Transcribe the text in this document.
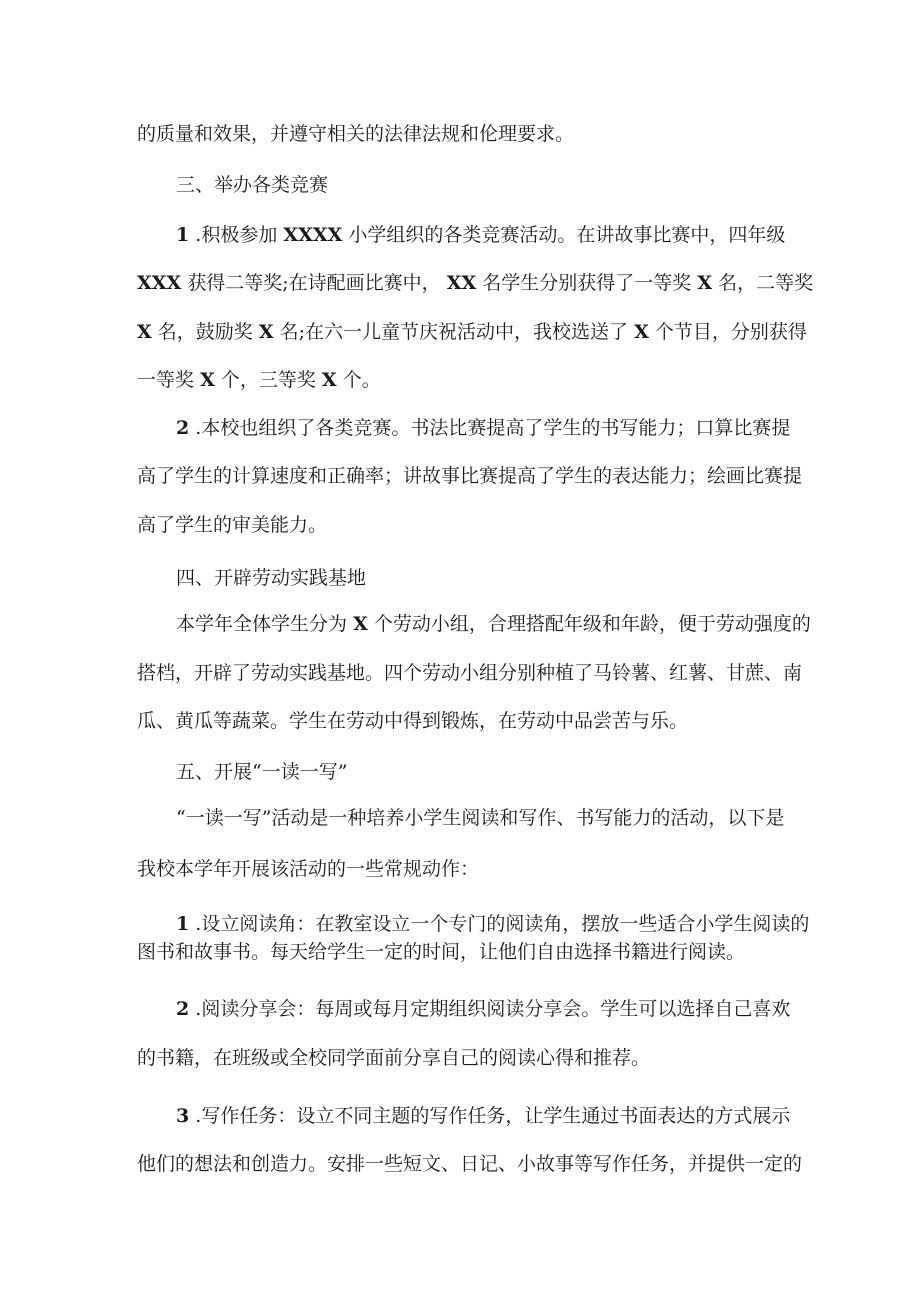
的质量和效果，并遵守相关的法律法规和伦理要求。
三、举办各类竞赛
1 .积极参加 XXXX 小学组织的各类竞赛活动。在讲故事比赛中，四年级
XXX 获得二等奖;在诗配画比赛中， XX 名学生分别获得了一等奖 X 名，二等奖
X 名，鼓励奖 X 名;在六一儿童节庆祝活动中，我校选送了 X 个节目，分别获得
一等奖 X 个，三等奖 X 个。
2 .本校也组织了各类竞赛。书法比赛提高了学生的书写能力；口算比赛提
高了学生的计算速度和正确率；讲故事比赛提高了学生的表达能力；绘画比赛提
高了学生的审美能力。
四、开辟劳动实践基地
本学年全体学生分为 X 个劳动小组，合理搭配年级和年龄，便于劳动强度的
搭档，开辟了劳动实践基地。四个劳动小组分别种植了马铃薯、红薯、甘蔗、南
瓜、黄瓜等蔬菜。学生在劳动中得到锻炼，在劳动中品尝苦与乐。
五、开展“一读一写”
“一读一写”活动是一种培养小学生阅读和写作、书写能力的活动，以下是
我校本学年开展该活动的一些常规动作：
1 .设立阅读角：在教室设立一个专门的阅读角，摆放一些适合小学生阅读的
图书和故事书。每天给学生一定的时间，让他们自由选择书籍进行阅读。
2 .阅读分享会：每周或每月定期组织阅读分享会。学生可以选择自己喜欢
的书籍，在班级或全校同学面前分享自己的阅读心得和推荐。
3 .写作任务：设立不同主题的写作任务，让学生通过书面表达的方式展示
他们的想法和创造力。安排一些短文、日记、小故事等写作任务，并提供一定的
